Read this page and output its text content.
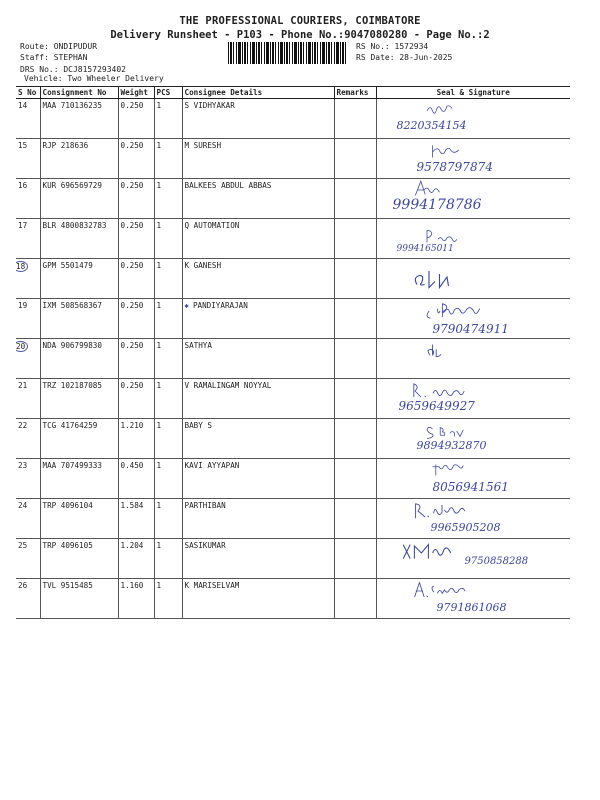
THE PROFESSIONAL COURIERS, COIMBATORE
Delivery Runsheet - P103 - Phone No.:9047080280 - Page No.:2
Route: ONDIPUDUR
Staff: STEPHAN
DRS No.: DCJ8157293402
Vehicle: Two Wheeler Delivery
RS No.: 1572934
RS Date: 28-Jun-2025
S No	Consignment No	Weight	PCS	Consignee Details	Remarks	Seal & Signature
14	MAA 710136235	0.250	1	S VIDHYAKAR		8220354154

15	RJP 218636	0.250	1	M SURESH		9578797874

16	KUR 696569729	0.250	1	BALKEES ABDUL ABBAS		9994178786

17	BLR 4800832783	0.250	1	Q AUTOMATION		9994165011

18	GPM 5501479	0.250	1	K GANESH		

19	IXM 508568367	0.250	1	✱ PANDIYARAJAN		9790474911

20	NDA 906799830	0.250	1	SATHYA		

21	TRZ 102187085	0.250	1	V RAMALINGAM NOYYAL		9659649927

22	TCG 41764259	1.210	1	BABY S		9894932870

23	MAA 707499333	0.450	1	KAVI AYYAPAN		8056941561

24	TRP 4096104	1.584	1	PARTHIBAN		9965905208

25	TRP 4096105	1.204	1	SASIKUMAR		9750858288

26	TVL 9515485	1.160	1	K MARISELVAM		9791861068
